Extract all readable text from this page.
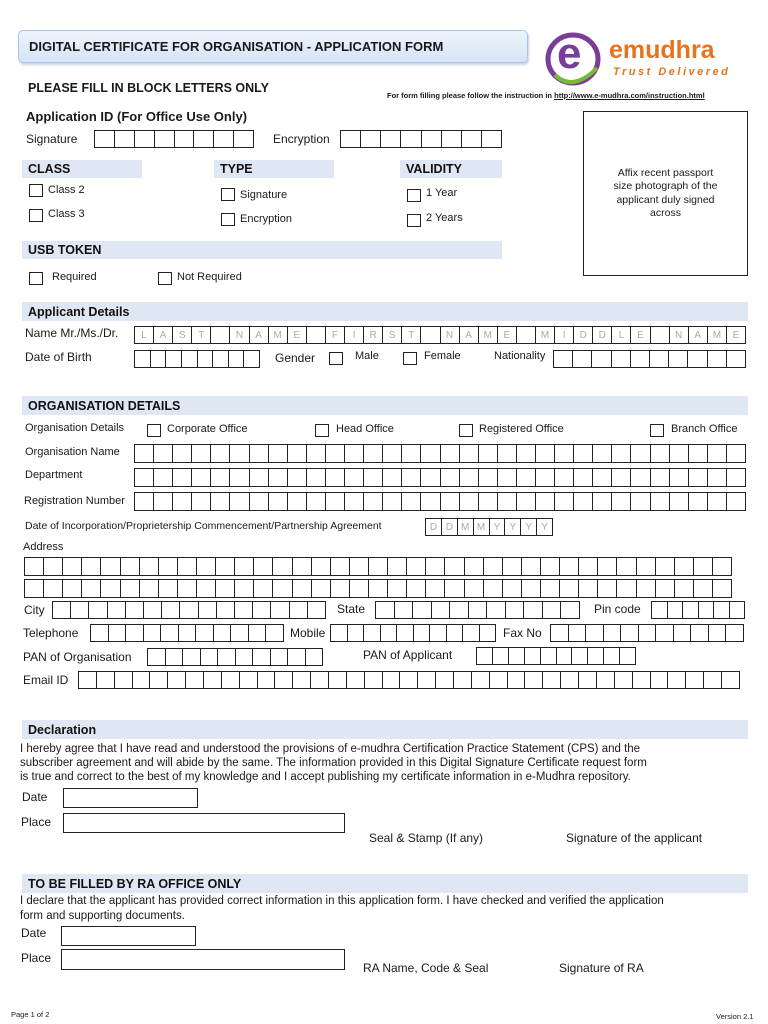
DIGITAL CERTIFICATE FOR ORGANISATION - APPLICATION FORM	e emudhra
Trust Delivered
PLEASE FILL IN BLOCK LETTERS ONLY
For form filling please follow the instruction in http://www.e-mudhra.com/instruction.html
Application ID (For Office Use Only)
Signature	Encryption
Affix recent passport size photograph of the applicant duly signed across
CLASS	TYPE	VALIDITY
Class 2
Class 3
Signature
Encryption
1 Year
2 Years
USB TOKEN
Required	Not Required
Applicant Details
Name Mr./Ms./Dr.	L	A	S	T	N	A	M	E	F	I	R	S	T	N	A	M	E	M	I	D	D	L	E	N	A	M	E
Date of Birth	Gender	Male	Female	Nationality
ORGANISATION DETAILS
Organisation Details	Corporate Office	Head Office	Registered Office	Branch Office
Organisation Name
Department
Registration Number
Date of Incorporation/Proprietership Commencement/Partnership Agreement	D D M M Y Y Y Y
Address
City	State	Pin code
Telephone	Mobile	Fax No
PAN of Organisation	PAN of Applicant
Email ID
Declaration
I hereby agree that I have read and understood the provisions of e-mudhra Certification Practice Statement (CPS) and the
subscriber agreement and will abide by the same. The information provided in this Digital Signature Certificate request form
is true and correct to the best of my knowledge and I accept publishing my certificate information in e-Mudhra repository.
Date
Place
Seal & Stamp (If any)	Signature of the applicant
TO BE FILLED BY RA OFFICE ONLY
I declare that the applicant has provided correct information in this application form. I have checked and verified the application
form and supporting documents.
Date
Place
RA Name, Code & Seal	Signature of RA
Page 1 of 2	Version 2.1
